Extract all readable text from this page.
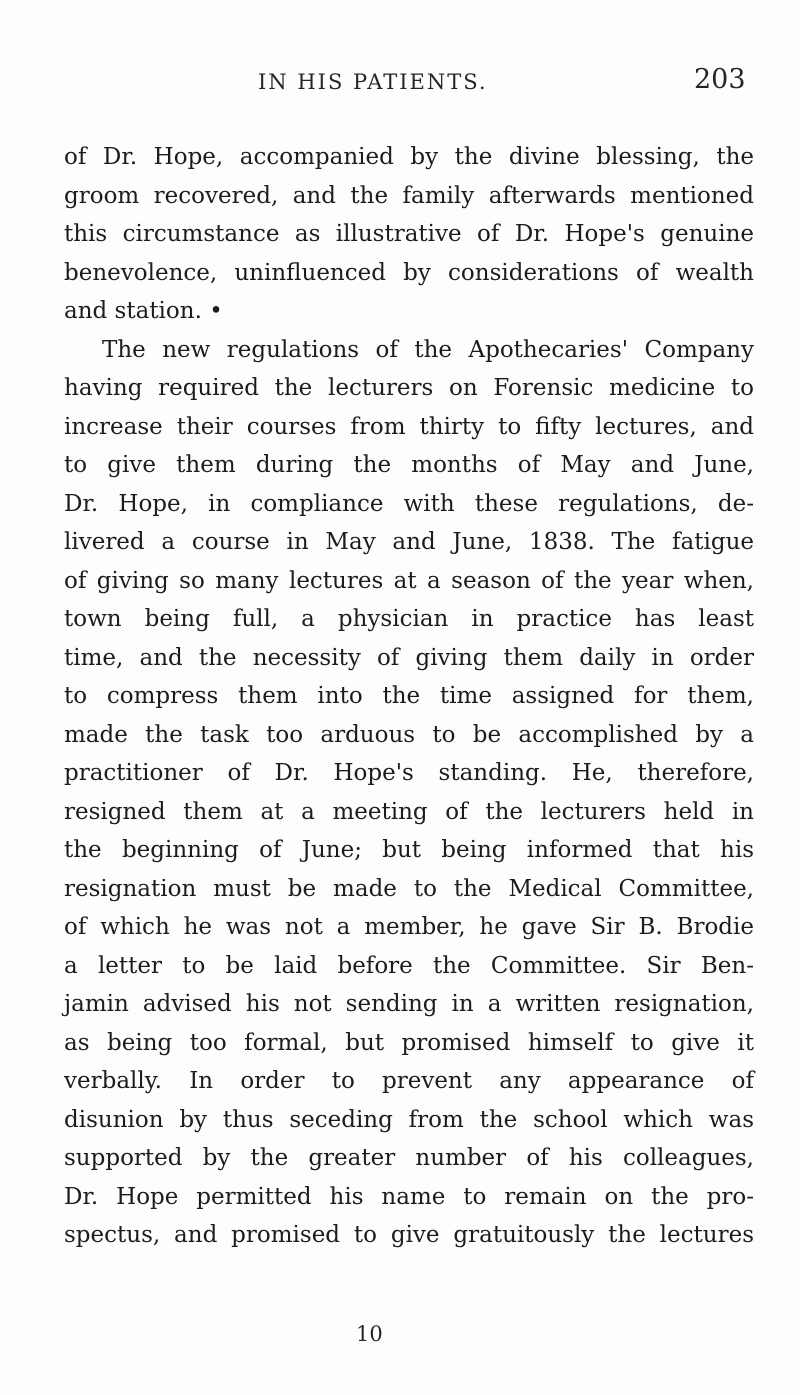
IN HIS PATIENTS.	203
of Dr. Hope, accompanied by the divine blessing, the
groom recovered, and the family afterwards mentioned
this circumstance as illustrative of Dr. Hope's genuine
benevolence, uninfluenced by considerations of wealth
and station. •
The new regulations of the Apothecaries' Company
having required the lecturers on Forensic medicine to
increase their courses from thirty to fifty lectures, and
to give them during the months of May and June,
Dr. Hope, in compliance with these regulations, de-
livered a course in May and June, 1838. The fatigue
of giving so many lectures at a season of the year when,
town being full, a physician in practice has least
time, and the necessity of giving them daily in order
to compress them into the time assigned for them,
made the task too arduous to be accomplished by a
practitioner of Dr. Hope's standing. He, therefore,
resigned them at a meeting of the lecturers held in
the beginning of June; but being informed that his
resignation must be made to the Medical Committee,
of which he was not a member, he gave Sir B. Brodie
a letter to be laid before the Committee. Sir Ben-
jamin advised his not sending in a written resignation,
as being too formal, but promised himself to give it
verbally. In order to prevent any appearance of
disunion by thus seceding from the school which was
supported by the greater number of his colleagues,
Dr. Hope permitted his name to remain on the pro-
spectus, and promised to give gratuitously the lectures
10
